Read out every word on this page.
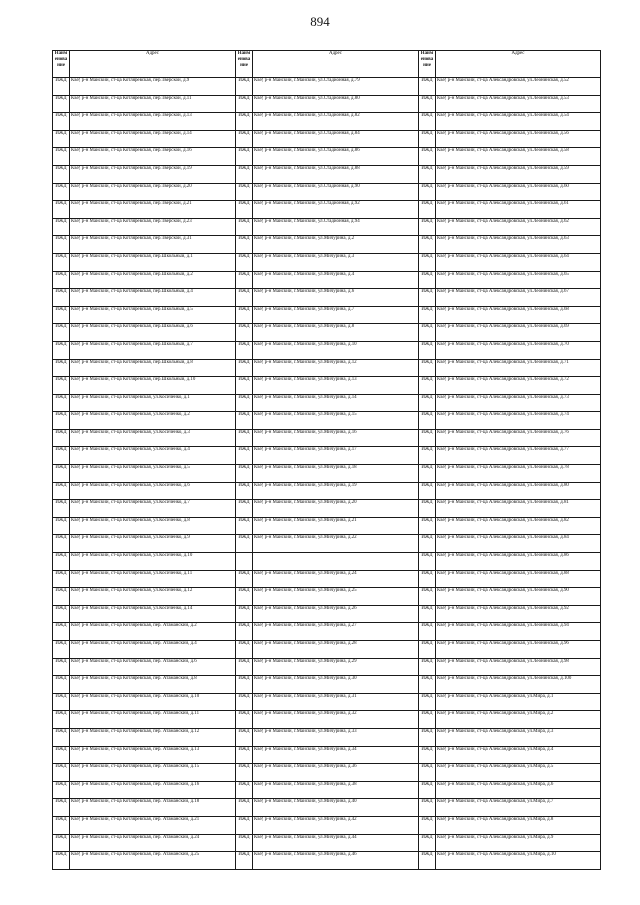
894
Наим енова ние	Адрес	Наим енова ние	Адрес	Наим енова ние	Адрес
ИЖД	КБР, р-н Майский, ст-ца Котляревская, пер.Тверской, д.9	ИЖД	КБР, р-н Майский, г.Майский, ул.Стадионная, д.79	ИЖД	КБР, р-н Майский, ст-ца Александровская, ул.Леонинская, д.52
ИЖД	КБР, р-н Майский, ст-ца Котляревская, пер.Тверской, д.11	ИЖД	КБР, р-н Майский, г.Майский, ул.Стадионная, д.80	ИЖД	КБР, р-н Майский, ст-ца Александровская, ул.Леонинская, д.53
ИЖД	КБР, р-н Майский, ст-ца Котляревская, пер.Тверской, д.13	ИЖД	КБР, р-н Майский, г.Майский, ул.Стадионная, д.82	ИЖД	КБР, р-н Майский, ст-ца Александровская, ул.Леонинская, д.54
ИЖД	КБР, р-н Майский, ст-ца Котляревская, пер.Тверской, д.14	ИЖД	КБР, р-н Майский, г.Майский, ул.Стадионная, д.84	ИЖД	КБР, р-н Майский, ст-ца Александровская, ул.Леонинская, д.56
ИЖД	КБР, р-н Майский, ст-ца Котляревская, пер.Тверской, д.16	ИЖД	КБР, р-н Майский, г.Майский, ул.Стадионная, д.86	ИЖД	КБР, р-н Майский, ст-ца Александровская, ул.Леонинская, д.58
ИЖД	КБР, р-н Майский, ст-ца Котляревская, пер.Тверской, д.19	ИЖД	КБР, р-н Майский, г.Майский, ул.Стадионная, д.88	ИЖД	КБР, р-н Майский, ст-ца Александровская, ул.Леонинская, д.59
ИЖД	КБР, р-н Майский, ст-ца Котляревская, пер.Тверской, д.20	ИЖД	КБР, р-н Майский, г.Майский, ул.Стадионная, д.90	ИЖД	КБР, р-н Майский, ст-ца Александровская, ул.Леонинская, д.60
ИЖД	КБР, р-н Майский, ст-ца Котляревская, пер.Тверской, д.21	ИЖД	КБР, р-н Майский, г.Майский, ул.Стадионная, д.92	ИЖД	КБР, р-н Майский, ст-ца Александровская, ул.Леонинская, д.61
ИЖД	КБР, р-н Майский, ст-ца Котляревская, пер.Тверской, д.23	ИЖД	КБР, р-н Майский, г.Майский, ул.Стадионная, д.94	ИЖД	КБР, р-н Майский, ст-ца Александровская, ул.Леонинская, д.62
ИЖД	КБР, р-н Майский, ст-ца Котляревская, пер.Тверской, д.31	ИЖД	КБР, р-н Майский, г.Майский, ул.Мичурина, д.2	ИЖД	КБР, р-н Майский, ст-ца Александровская, ул.Леонинская, д.63
ИЖД	КБР, р-н Майский, ст-ца Котляревская, пер.Школьный, д.1	ИЖД	КБР, р-н Майский, г.Майский, ул.Мичурина, д.3	ИЖД	КБР, р-н Майский, ст-ца Александровская, ул.Леонинская, д.64
ИЖД	КБР, р-н Майский, ст-ца Котляревская, пер.Школьный, д.2	ИЖД	КБР, р-н Майский, г.Майский, ул.Мичурина, д.4	ИЖД	КБР, р-н Майский, ст-ца Александровская, ул.Леонинская, д.65
ИЖД	КБР, р-н Майский, ст-ца Котляревская, пер.Школьный, д.4	ИЖД	КБР, р-н Майский, г.Майский, ул.Мичурина, д.6	ИЖД	КБР, р-н Майский, ст-ца Александровская, ул.Леонинская, д.67
ИЖД	КБР, р-н Майский, ст-ца Котляревская, пер.Школьный, д.5	ИЖД	КБР, р-н Майский, г.Майский, ул.Мичурина, д.7	ИЖД	КБР, р-н Майский, ст-ца Александровская, ул.Леонинская, д.68
ИЖД	КБР, р-н Майский, ст-ца Котляревская, пер.Школьный, д.6	ИЖД	КБР, р-н Майский, г.Майский, ул.Мичурина, д.8	ИЖД	КБР, р-н Майский, ст-ца Александровская, ул.Леонинская, д.69
ИЖД	КБР, р-н Майский, ст-ца Котляревская, пер.Школьный, д.7	ИЖД	КБР, р-н Майский, г.Майский, ул.Мичурина, д.10	ИЖД	КБР, р-н Майский, ст-ца Александровская, ул.Леонинская, д.70
ИЖД	КБР, р-н Майский, ст-ца Котляревская, пер.Школьный, д.8	ИЖД	КБР, р-н Майский, г.Майский, ул.Мичурина, д.12	ИЖД	КБР, р-н Майский, ст-ца Александровская, ул.Леонинская, д.71
ИЖД	КБР, р-н Майский, ст-ца Котляревская, пер.Школьный, д.10	ИЖД	КБР, р-н Майский, г.Майский, ул.Мичурина, д.13	ИЖД	КБР, р-н Майский, ст-ца Александровская, ул.Леонинская, д.72
ИЖД	КБР, р-н Майский, ст-ца Котляревская, ул.Косиченко, д.1	ИЖД	КБР, р-н Майский, г.Майский, ул.Мичурина, д.14	ИЖД	КБР, р-н Майский, ст-ца Александровская, ул.Леонинская, д.73
ИЖД	КБР, р-н Майский, ст-ца Котляревская, ул.Косиченко, д.2	ИЖД	КБР, р-н Майский, г.Майский, ул.Мичурина, д.15	ИЖД	КБР, р-н Майский, ст-ца Александровская, ул.Леонинская, д.74
ИЖД	КБР, р-н Майский, ст-ца Котляревская, ул.Косиченко, д.3	ИЖД	КБР, р-н Майский, г.Майский, ул.Мичурина, д.16	ИЖД	КБР, р-н Майский, ст-ца Александровская, ул.Леонинская, д.76
ИЖД	КБР, р-н Майский, ст-ца Котляревская, ул.Косиченко, д.4	ИЖД	КБР, р-н Майский, г.Майский, ул.Мичурина, д.17	ИЖД	КБР, р-н Майский, ст-ца Александровская, ул.Леонинская, д.77
ИЖД	КБР, р-н Майский, ст-ца Котляревская, ул.Косиченко, д.5	ИЖД	КБР, р-н Майский, г.Майский, ул.Мичурина, д.18	ИЖД	КБР, р-н Майский, ст-ца Александровская, ул.Леонинская, д.78
ИЖД	КБР, р-н Майский, ст-ца Котляревская, ул.Косиченко, д.6	ИЖД	КБР, р-н Майский, г.Майский, ул.Мичурина, д.19	ИЖД	КБР, р-н Майский, ст-ца Александровская, ул.Леонинская, д.80
ИЖД	КБР, р-н Майский, ст-ца Котляревская, ул.Косиченко, д.7	ИЖД	КБР, р-н Майский, г.Майский, ул.Мичурина, д.20	ИЖД	КБР, р-н Майский, ст-ца Александровская, ул.Леонинская, д.81
ИЖД	КБР, р-н Майский, ст-ца Котляревская, ул.Косиченко, д.8	ИЖД	КБР, р-н Майский, г.Майский, ул.Мичурина, д.21	ИЖД	КБР, р-н Майский, ст-ца Александровская, ул.Леонинская, д.82
ИЖД	КБР, р-н Майский, ст-ца Котляревская, ул.Косиченко, д.9	ИЖД	КБР, р-н Майский, г.Майский, ул.Мичурина, д.22	ИЖД	КБР, р-н Майский, ст-ца Александровская, ул.Леонинская, д.84
ИЖД	КБР, р-н Майский, ст-ца Котляревская, ул.Косиченко, д.10			ИЖД	КБР, р-н Майский, ст-ца Александровская, ул.Леонинская, д.86
ИЖД	КБР, р-н Майский, ст-ца Котляревская, ул.Косиченко, д.11	ИЖД	КБР, р-н Майский, г.Майский, ул.Мичурина, д.24	ИЖД	КБР, р-н Майский, ст-ца Александровская, ул.Леонинская, д.88
ИЖД	КБР, р-н Майский, ст-ца Котляревская, ул.Косиченко, д.12	ИЖД	КБР, р-н Майский, г.Майский, ул.Мичурина, д.25	ИЖД	КБР, р-н Майский, ст-ца Александровская, ул.Леонинская, д.90
ИЖД	КБР, р-н Майский, ст-ца Котляревская, ул.Косиченко, д.14	ИЖД	КБР, р-н Майский, г.Майский, ул.Мичурина, д.26	ИЖД	КБР, р-н Майский, ст-ца Александровская, ул.Леонинская, д.92
ИЖД	КБР, р-н Майский, ст-ца Котляревская, пер. Атаманский, д.2	ИЖД	КБР, р-н Майский, г.Майский, ул.Мичурина, д.27	ИЖД	КБР, р-н Майский, ст-ца Александровская, ул.Леонинская, д.94
ИЖД	КБР, р-н Майский, ст-ца Котляревская, пер. Атаманский, д.4	ИЖД	КБР, р-н Майский, г.Майский, ул.Мичурина, д.28	ИЖД	КБР, р-н Майский, ст-ца Александровская, ул.Леонинская, д.96
ИЖД	КБР, р-н Майский, ст-ца Котляревская, пер. Атаманский, д.6	ИЖД	КБР, р-н Майский, г.Майский, ул.Мичурина, д.29	ИЖД	КБР, р-н Майский, ст-ца Александровская, ул.Леонинская, д.98
ИЖД	КБР, р-н Майский, ст-ца Котляревская, пер. Атаманский, д.8	ИЖД	КБР, р-н Майский, г.Майский, ул.Мичурина, д.30	ИЖД	КБР, р-н Майский, ст-ца Александровская, ул.Леонинская, д.100
ИЖД	КБР, р-н Майский, ст-ца Котляревская, пер. Атаманский, д.10	ИЖД	КБР, р-н Майский, г.Майский, ул.Мичурина, д.31	ИЖД	КБР, р-н Майский, ст-ца Александровская, ул.Мира, д.1
ИЖД	КБР, р-н Майский, ст-ца Котляревская, пер. Атаманский, д.11	ИЖД	КБР, р-н Майский, г.Майский, ул.Мичурина, д.32	ИЖД	КБР, р-н Майский, ст-ца Александровская, ул.Мира, д.2
ИЖД	КБР, р-н Майский, ст-ца Котляревская, пер. Атаманский, д.12	ИЖД	КБР, р-н Майский, г.Майский, ул.Мичурина, д.33	ИЖД	КБР, р-н Майский, ст-ца Александровская, ул.Мира, д.3
ИЖД	КБР, р-н Майский, ст-ца Котляревская, пер. Атаманский, д.13	ИЖД	КБР, р-н Майский, г.Майский, ул.Мичурина, д.34	ИЖД	КБР, р-н Майский, ст-ца Александровская, ул.Мира, д.4
ИЖД	КБР, р-н Майский, ст-ца Котляревская, пер. Атаманский, д.15	ИЖД	КБР, р-н Майский, г.Майский, ул.Мичурина, д.36	ИЖД	КБР, р-н Майский, ст-ца Александровская, ул.Мира, д.5
ИЖД	КБР, р-н Майский, ст-ца Котляревская, пер. Атаманский, д.16	ИЖД	КБР, р-н Майский, г.Майский, ул.Мичурина, д.38	ИЖД	КБР, р-н Майский, ст-ца Александровская, ул.Мира, д.6
ИЖД	КБР, р-н Майский, ст-ца Котляревская, пер. Атаманский, д.18	ИЖД	КБР, р-н Майский, г.Майский, ул.Мичурина, д.40	ИЖД	КБР, р-н Майский, ст-ца Александровская, ул.Мира, д.7
ИЖД	КБР, р-н Майский, ст-ца Котляревская, пер. Атаманский, д.21	ИЖД	КБР, р-н Майский, г.Майский, ул.Мичурина, д.42	ИЖД	КБР, р-н Майский, ст-ца Александровская, ул.Мира, д.8
ИЖД	КБР, р-н Майский, ст-ца Котляревская, пер. Атаманский, д.24	ИЖД	КБР, р-н Майский, г.Майский, ул.Мичурина, д.44	ИЖД	КБР, р-н Майский, ст-ца Александровская, ул.Мира, д.9
ИЖД	КБР, р-н Майский, ст-ца Котляревская, пер. Атаманский, д.25	ИЖД	КБР, р-н Майский, г.Майский, ул.Мичурина, д.46	ИЖД	КБР, р-н Майский, ст-ца Александровская, ул.Мира, д.10
